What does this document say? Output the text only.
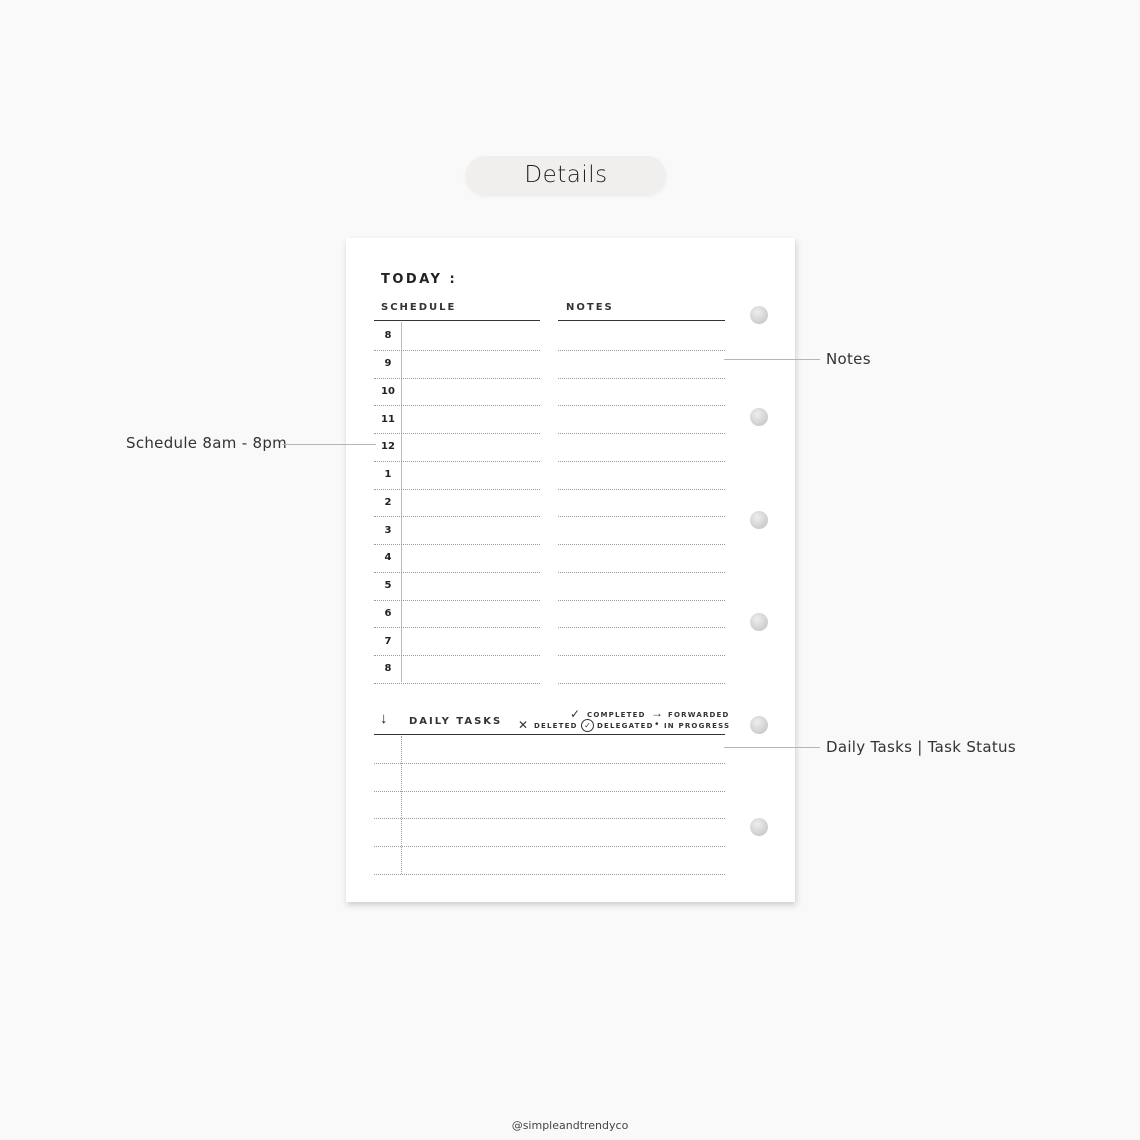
Details
TODAY :
SCHEDULE	NOTES
8
9
10
11
12
1
2
3
4
5
6
7
8
↓ DAILY TASKS
✓ COMPLETED → FORWARDED
✕ DELETED ✓ DELEGATED • IN PROGRESS
Notes
Schedule 8am - 8pm
Daily Tasks | Task Status
@simpleandtrendyco
